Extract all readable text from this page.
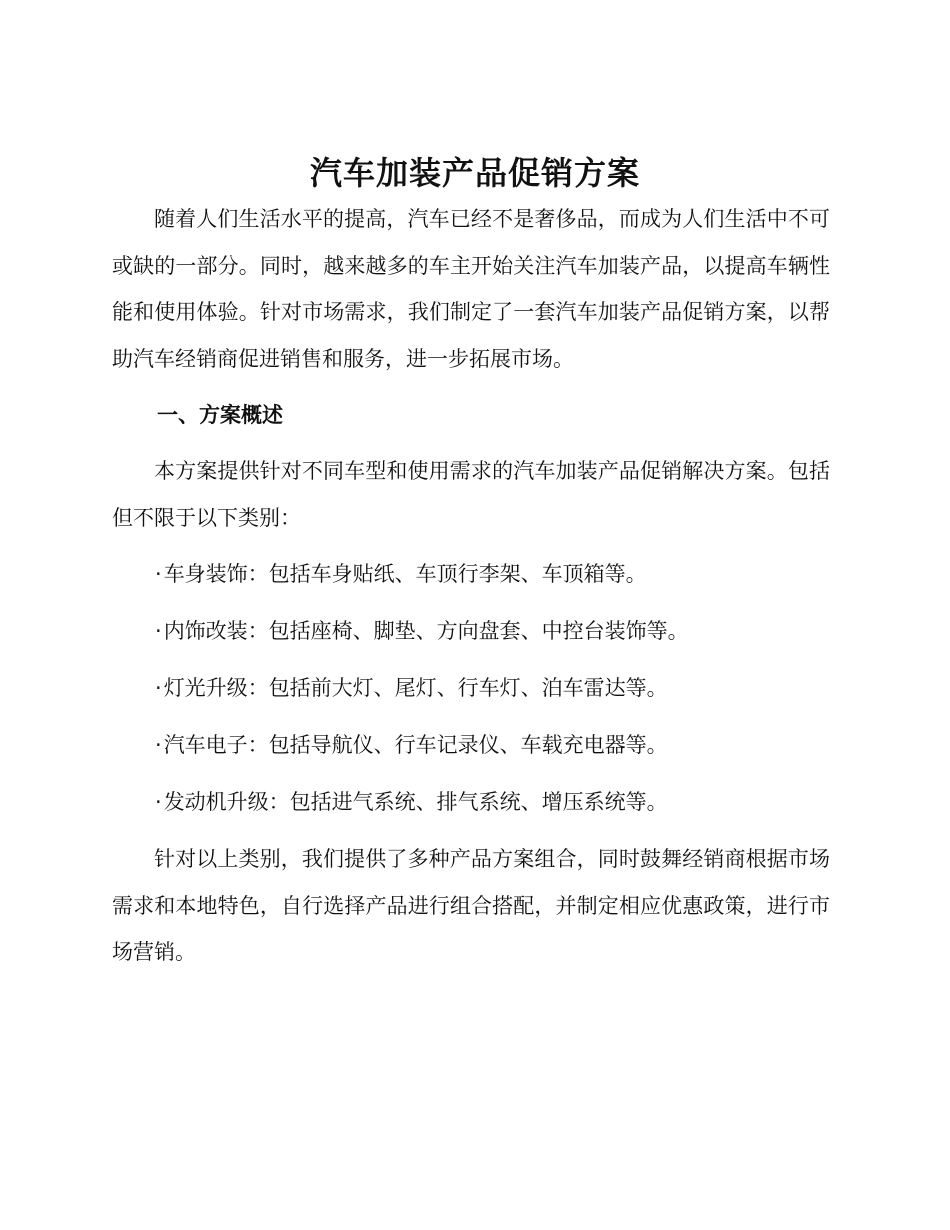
汽车加装产品促销方案

随着人们生活水平的提高，汽车已经不是奢侈品，而成为人们生活中不可或缺的一部分。同时，越来越多的车主开始关注汽车加装产品，以提高车辆性能和使用体验。针对市场需求，我们制定了一套汽车加装产品促销方案，以帮助汽车经销商促进销售和服务，进一步拓展市场。

一、方案概述

本方案提供针对不同车型和使用需求的汽车加装产品促销解决方案。包括但不限于以下类别：

·车身装饰：包括车身贴纸、车顶行李架、车顶箱等。
·内饰改装：包括座椅、脚垫、方向盘套、中控台装饰等。
·灯光升级：包括前大灯、尾灯、行车灯、泊车雷达等。
·汽车电子：包括导航仪、行车记录仪、车载充电器等。
·发动机升级：包括进气系统、排气系统、增压系统等。

针对以上类别，我们提供了多种产品方案组合，同时鼓舞经销商根据市场需求和本地特色，自行选择产品进行组合搭配，并制定相应优惠政策，进行市场营销。
